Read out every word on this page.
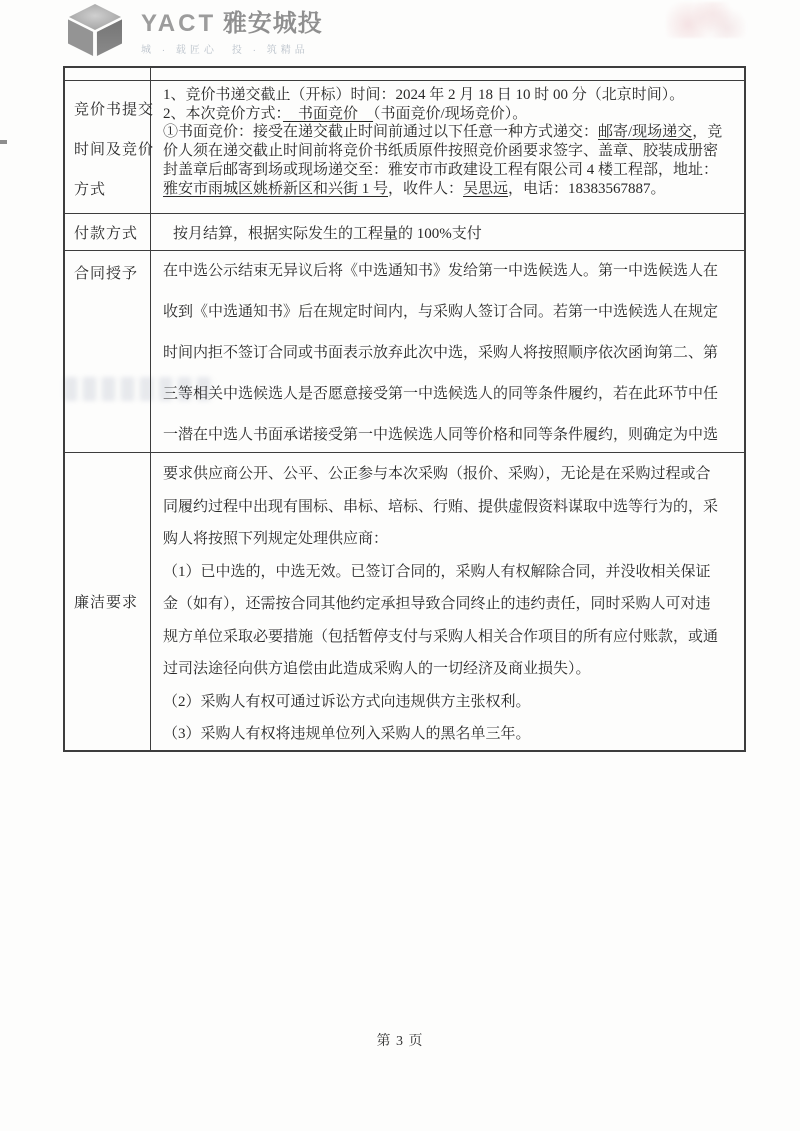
YACT 雅安城投
城 · 载匠心　投 · 筑精品
竞价书提交
时间及竞价
方式
1、竞价书递交截止（开标）时间：2024 年 2 月 18 日 10 时 00 分（北京时间）。
2、本次竞价方式：　书面竞价　（书面竞价/现场竞价）。
①书面竞价：接受在递交截止时间前通过以下任意一种方式递交：邮寄/现场递交，竞
价人须在递交截止时间前将竞价书纸质原件按照竞价函要求签字、盖章、胶装成册密
封盖章后邮寄到场或现场递交至：雅安市市政建设工程有限公司 4 楼工程部，地址：
雅安市雨城区姚桥新区和兴街 1 号，收件人：吴思远，电话：18383567887。
付款方式 按月结算，根据实际发生的工程量的 100%支付
合同授予	在中选公示结束无异议后将《中选通知书》发给第一中选候选人。第一中选候选人在
收到《中选通知书》后在规定时间内，与采购人签订合同。若第一中选候选人在规定
时间内拒不签订合同或书面表示放弃此次中选，采购人将按照顺序依次函询第二、第
三等相关中选候选人是否愿意接受第一中选候选人的同等条件履约，若在此环节中任
一潜在中选人书面承诺接受第一中选候选人同等价格和同等条件履约，则确定为中选
廉洁要求
要求供应商公开、公平、公正参与本次采购（报价、采购），无论是在采购过程或合
同履约过程中出现有围标、串标、培标、行贿、提供虚假资料谋取中选等行为的，采
购人将按照下列规定处理供应商：
（1）已中选的，中选无效。已签订合同的，采购人有权解除合同，并没收相关保证
金（如有），还需按合同其他约定承担导致合同终止的违约责任，同时采购人可对违
规方单位采取必要措施（包括暂停支付与采购人相关合作项目的所有应付账款，或通
过司法途径向供方追偿由此造成采购人的一切经济及商业损失）。
（2）采购人有权可通过诉讼方式向违规供方主张权利。
（3）采购人有权将违规单位列入采购人的黑名单三年。
第 3 页
